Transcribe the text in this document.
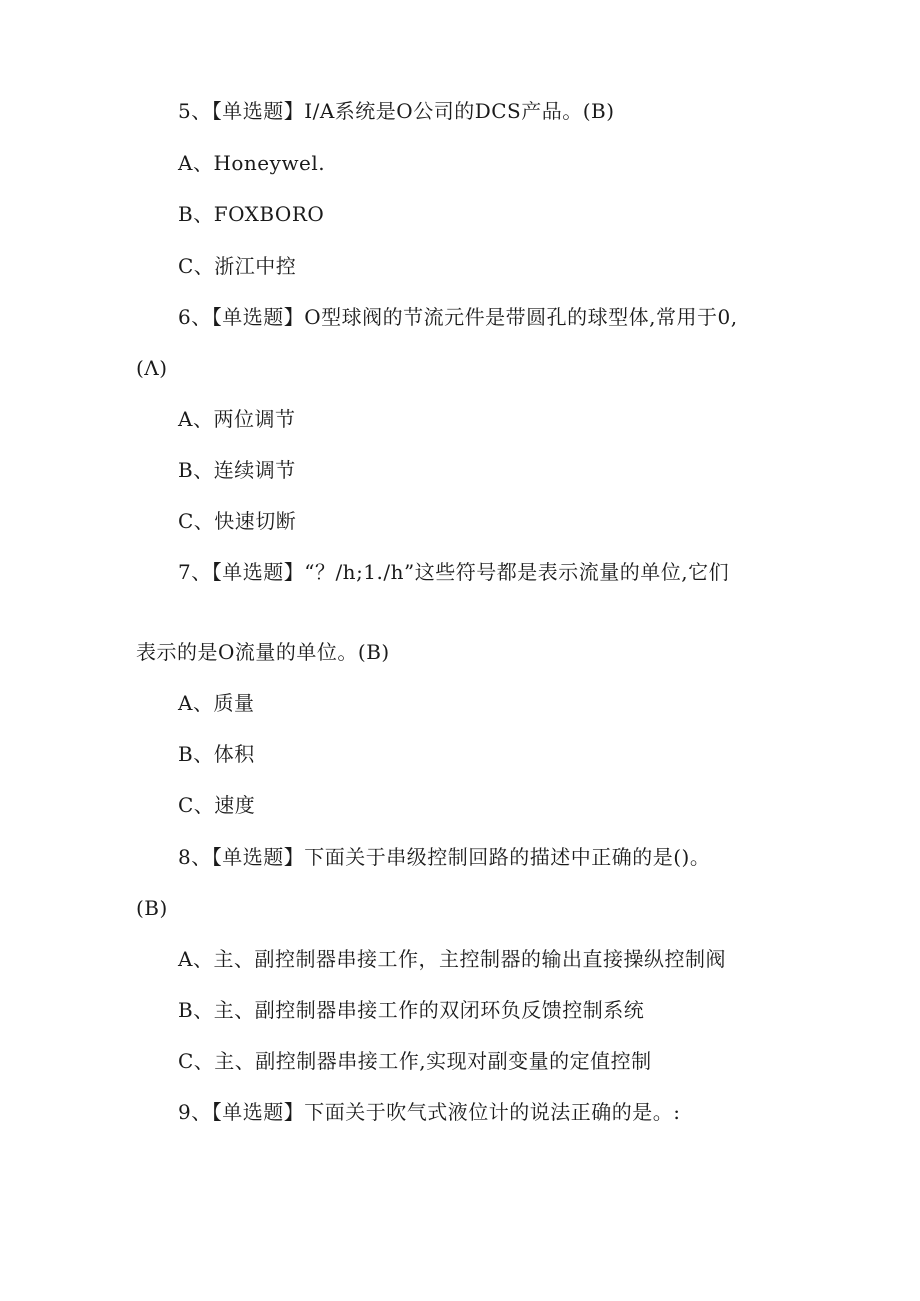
5、【单选题】I/A系统是O公司的DCS产品。(B)
A、Honeywel.
B、FOXBORO
C、浙江中控
6、【单选题】O型球阀的节流元件是带圆孔的球型体,常用于0,
(Λ)
A、两位调节
B、连续调节
C、快速切断
7、【单选题】“？/h;1./h”这些符号都是表示流量的单位,它们
表示的是O流量的单位。(B)
A、质量
B、体积
C、速度
8、【单选题】下面关于串级控制回路的描述中正确的是()。
(B)
A、主、副控制器串接工作，主控制器的输出直接操纵控制阀
B、主、副控制器串接工作的双闭环负反馈控制系统
C、主、副控制器串接工作,实现对副变量的定值控制
9、【单选题】下面关于吹气式液位计的说法正确的是。:
